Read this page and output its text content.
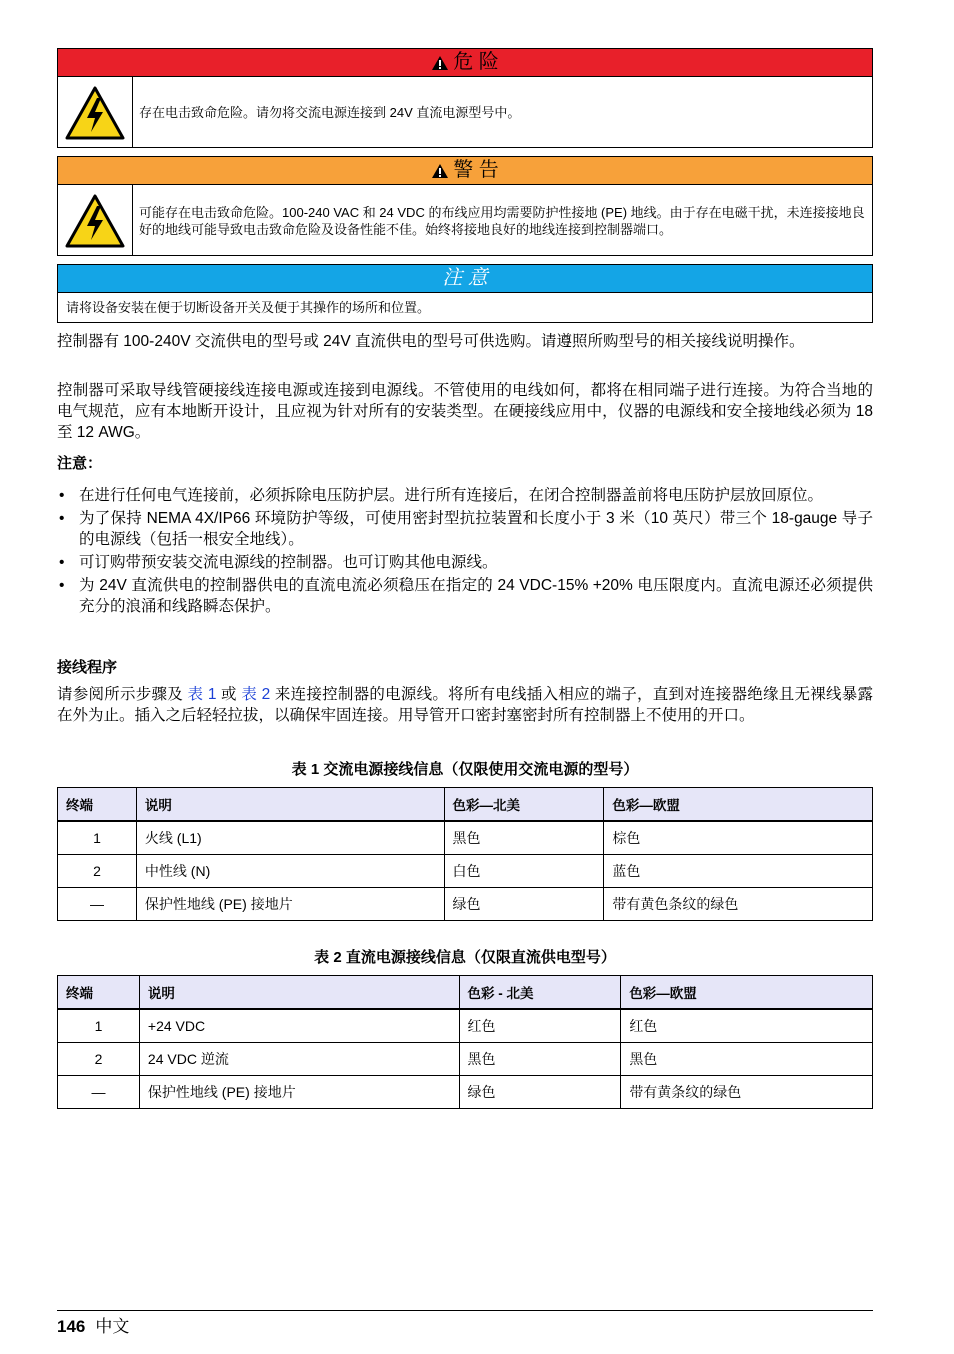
危 险
存在电击致命危险。请勿将交流电源连接到 24V 直流电源型号中。
警 告
可能存在电击致命危险。100-240 VAC 和 24 VDC 的布线应用均需要防护性接地 (PE) 地线。由于存在电磁干扰，未连接接地良好的地线可能导致电击致命危险及设备性能不佳。始终将接地良好的地线连接到控制器端口。
注 意
请将设备安装在便于切断设备开关及便于其操作的场所和位置。

控制器有 100-240V 交流供电的型号或 24V 直流供电的型号可供选购。请遵照所购型号的相关接线说明操作。

控制器可采取导线管硬接线连接电源或连接到电源线。不管使用的电线如何，都将在相同端子进行连接。为符合当地的电气规范，应有本地断开设计，且应视为针对所有的安装类型。在硬接线应用中，仪器的电源线和安全接地线必须为 18 至 12 AWG。

注意：
• 在进行任何电气连接前，必须拆除电压防护层。进行所有连接后，在闭合控制器盖前将电压防护层放回原位。
• 为了保持 NEMA 4X/IP66 环境防护等级，可使用密封型抗拉装置和长度小于 3 米（10 英尺）带三个 18-gauge 导子的电源线（包括一根安全地线）。
• 可订购带预安装交流电源线的控制器。也可订购其他电源线。
• 为 24V 直流供电的控制器供电的直流电流必须稳压在指定的 24 VDC-15% +20% 电压限度内。直流电源还必须提供充分的浪涌和线路瞬态保护。
接线程序

请参阅所示步骤及 表 1 或 表 2 来连接控制器的电源线。将所有电线插入相应的端子，直到对连接器绝缘且无裸线暴露在外为止。插入之后轻轻拉拔，以确保牢固连接。用导管开口密封塞密封所有控制器上不使用的开口。

表 1 交流电源接线信息（仅限使用交流电源的型号）
终端	说明	色彩—北美	色彩—欧盟
1	火线 (L1)	黑色	棕色
2	中性线 (N)	白色	蓝色
—	保护性地线 (PE) 接地片	绿色	带有黄色条纹的绿色
表 2 直流电源接线信息（仅限直流供电型号）
终端	说明	色彩 - 北美	色彩—欧盟
1	+24 VDC	红色	红色
2	24 VDC 逆流	黑色	黑色
—	保护性地线 (PE) 接地片	绿色	带有黄条纹的绿色
146 中文
